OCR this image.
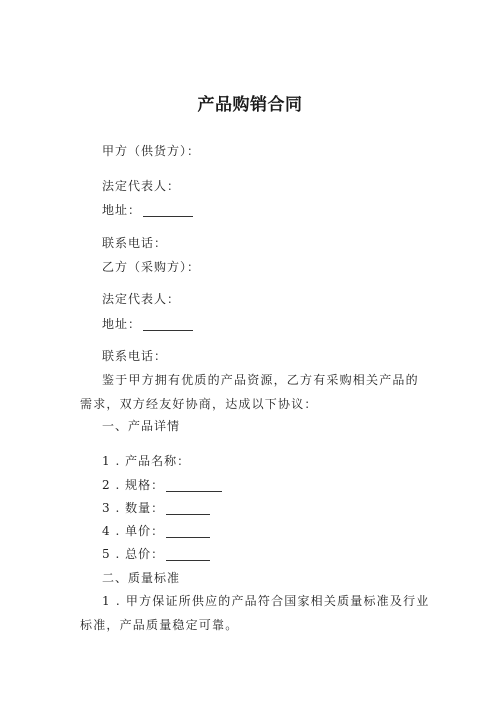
产品购销合同
甲方（供货方）：
法定代表人：
地址：
联系电话：
乙方（采购方）：
法定代表人：
地址：
联系电话：
鉴于甲方拥有优质的产品资源，乙方有采购相关产品的需求，双方经友好协商，达成以下协议：
一、产品详情
1 . 产品名称：
2 . 规格：
3 . 数量：
4 . 单价：
5 . 总价：
二、质量标准
1 . 甲方保证所供应的产品符合国家相关质量标准及行业标准，产品质量稳定可靠。
